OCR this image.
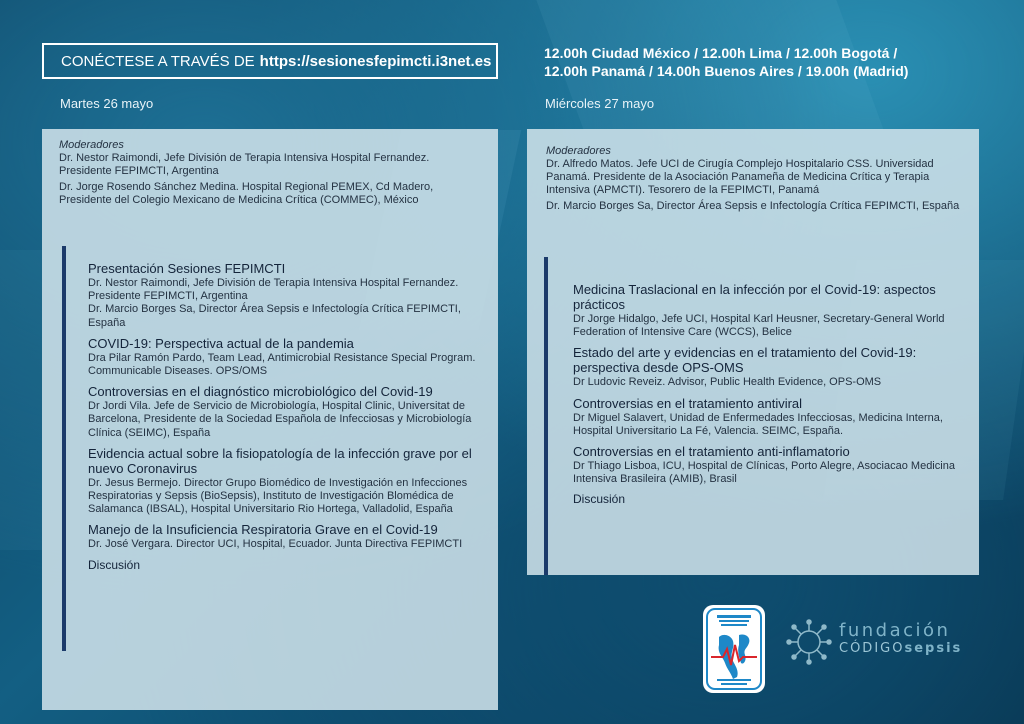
CONÉCTESE A TRAVÉS DE https://sesionesfepimcti.i3net.es	12.00h Ciudad México / 12.00h Lima / 12.00h Bogotá /
12.00h Panamá / 14.00h Buenos Aires / 19.00h (Madrid)
Martes 26 mayo	Miércoles 27 mayo
Moderadores
Dr. Nestor Raimondi, Jefe División de Terapia Intensiva Hospital Fernandez. Presidente FEPIMCTI, Argentina
Dr. Jorge Rosendo Sánchez Medina. Hospital Regional PEMEX, Cd Madero, Presidente del Colegio Mexicano de Medicina Crítica (COMMEC), México
Presentación Sesiones FEPIMCTI
Dr. Nestor Raimondi, Jefe División de Terapia Intensiva Hospital Fernandez. Presidente FEPIMCTI, Argentina
Dr. Marcio Borges Sa, Director Área Sepsis e Infectología Crítica FEPIMCTI, España
COVID-19: Perspectiva actual de la pandemia
Dra Pilar Ramón Pardo, Team Lead, Antimicrobial Resistance Special Program. Communicable Diseases. OPS/OMS
Controversias en el diagnóstico microbiológico del Covid-19
Dr Jordi Vila. Jefe de Servicio de Microbiología, Hospital Clinic, Universitat de Barcelona, Presidente de la Sociedad Española de Infecciosas y Microbiología Clínica (SEIMC), España
Evidencia actual sobre la fisiopatología de la infección grave por el nuevo Coronavirus
Dr. Jesus Bermejo. Director Grupo Biomédico de Investigación en Infecciones Respiratorias y Sepsis (BioSepsis), Instituto de Investigación Blomédica de Salamanca (IBSAL), Hospital Universitario Rio Hortega, Valladolid, España
Manejo de la Insuficiencia Respiratoria Grave en el Covid-19
Dr. José Vergara. Director UCI, Hospital, Ecuador. Junta Directiva FEPIMCTI
Discusión
Moderadores
Dr. Alfredo Matos. Jefe UCI de Cirugía Complejo Hospitalario CSS. Universidad Panamá. Presidente de la Asociación Panameña de Medicina Crítica y Terapia Intensiva (APMCTI). Tesorero de la FEPIMCTI, Panamá
Dr. Marcio Borges Sa, Director Área Sepsis e Infectología Crítica FEPIMCTI, España
Medicina Traslacional en la infección por el Covid-19: aspectos prácticos
Dr Jorge Hidalgo, Jefe UCI, Hospital Karl Heusner, Secretary-General World Federation of Intensive Care (WCCS), Belice
Estado del arte y evidencias en el tratamiento del Covid-19: perspectiva desde OPS-OMS
Dr Ludovic Reveiz. Advisor, Public Health Evidence, OPS-OMS
Controversias en el tratamiento antiviral
Dr Miguel Salavert, Unidad de Enfermedades Infecciosas, Medicina Interna, Hospital Universitario La Fé, Valencia. SEIMC, España.
Controversias en el tratamiento anti-inflamatorio
Dr Thiago Lisboa, ICU, Hospital de Clínicas, Porto Alegre, Asociacao Medicina Intensiva Brasileira (AMIB), Brasil
Discusión
fundación
CÓDIGOsepsis
